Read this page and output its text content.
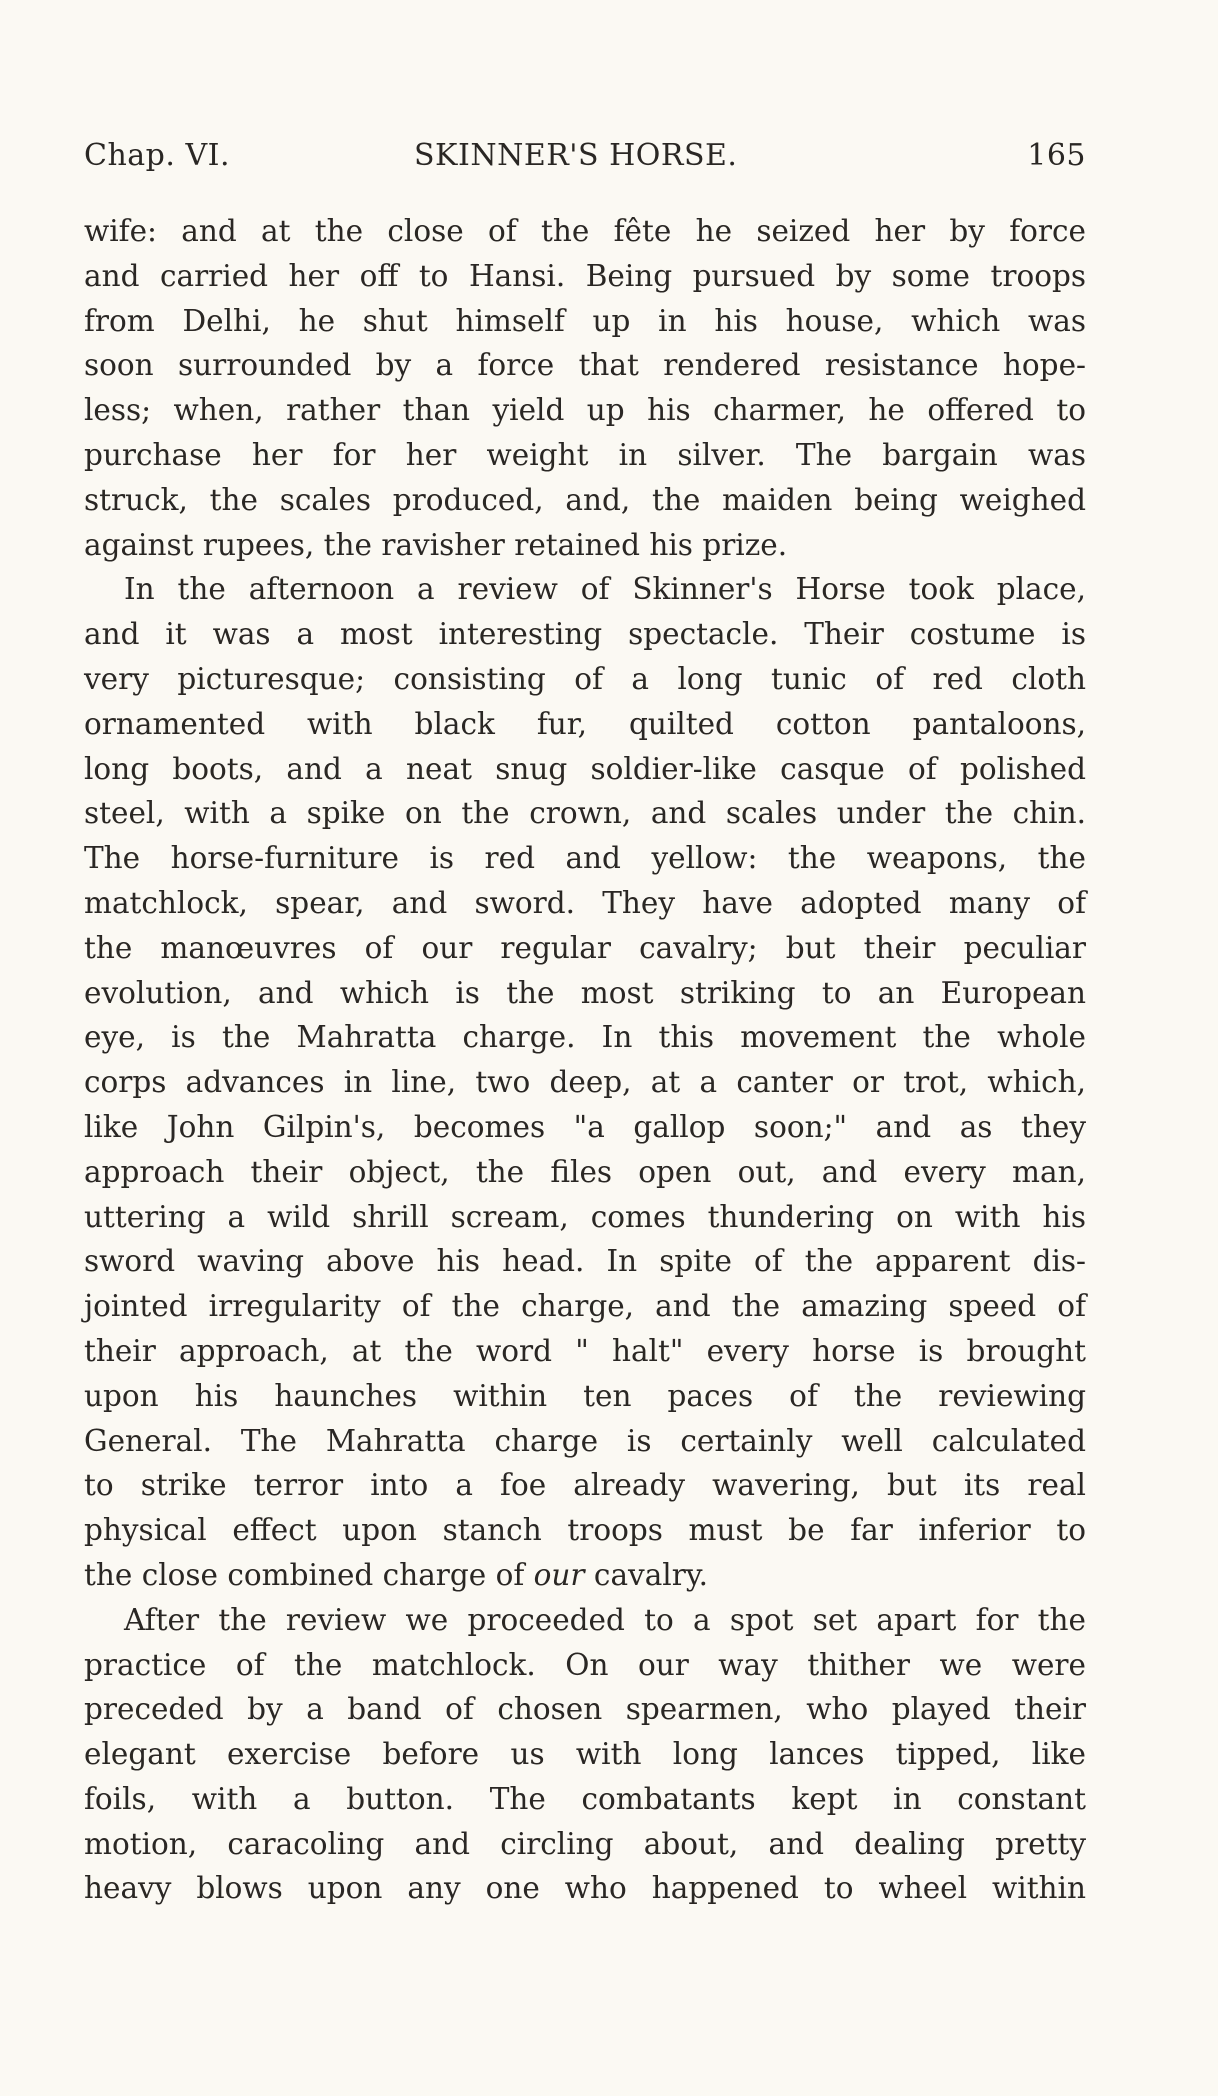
Chap. VI.	SKINNER'S HORSE.	165
wife: and at the close of the fête he seized her by force
and carried her off to Hansi. Being pursued by some troops
from Delhi, he shut himself up in his house, which was
soon surrounded by a force that rendered resistance hope-
less; when, rather than yield up his charmer, he offered to
purchase her for her weight in silver. The bargain was
struck, the scales produced, and, the maiden being weighed
against rupees, the ravisher retained his prize.
In the afternoon a review of Skinner's Horse took place,
and it was a most interesting spectacle. Their costume is
very picturesque; consisting of a long tunic of red cloth
ornamented with black fur, quilted cotton pantaloons,
long boots, and a neat snug soldier-like casque of polished
steel, with a spike on the crown, and scales under the chin.
The horse-furniture is red and yellow: the weapons, the
matchlock, spear, and sword. They have adopted many of
the manœuvres of our regular cavalry; but their peculiar
evolution, and which is the most striking to an European
eye, is the Mahratta charge. In this movement the whole
corps advances in line, two deep, at a canter or trot, which,
like John Gilpin's, becomes "a gallop soon;" and as they
approach their object, the files open out, and every man,
uttering a wild shrill scream, comes thundering on with his
sword waving above his head. In spite of the apparent dis-
jointed irregularity of the charge, and the amazing speed of
their approach, at the word " halt" every horse is brought
upon his haunches within ten paces of the reviewing
General. The Mahratta charge is certainly well calculated
to strike terror into a foe already wavering, but its real
physical effect upon stanch troops must be far inferior to
the close combined charge of our cavalry.
After the review we proceeded to a spot set apart for the
practice of the matchlock. On our way thither we were
preceded by a band of chosen spearmen, who played their
elegant exercise before us with long lances tipped, like
foils, with a button. The combatants kept in constant
motion, caracoling and circling about, and dealing pretty
heavy blows upon any one who happened to wheel within
